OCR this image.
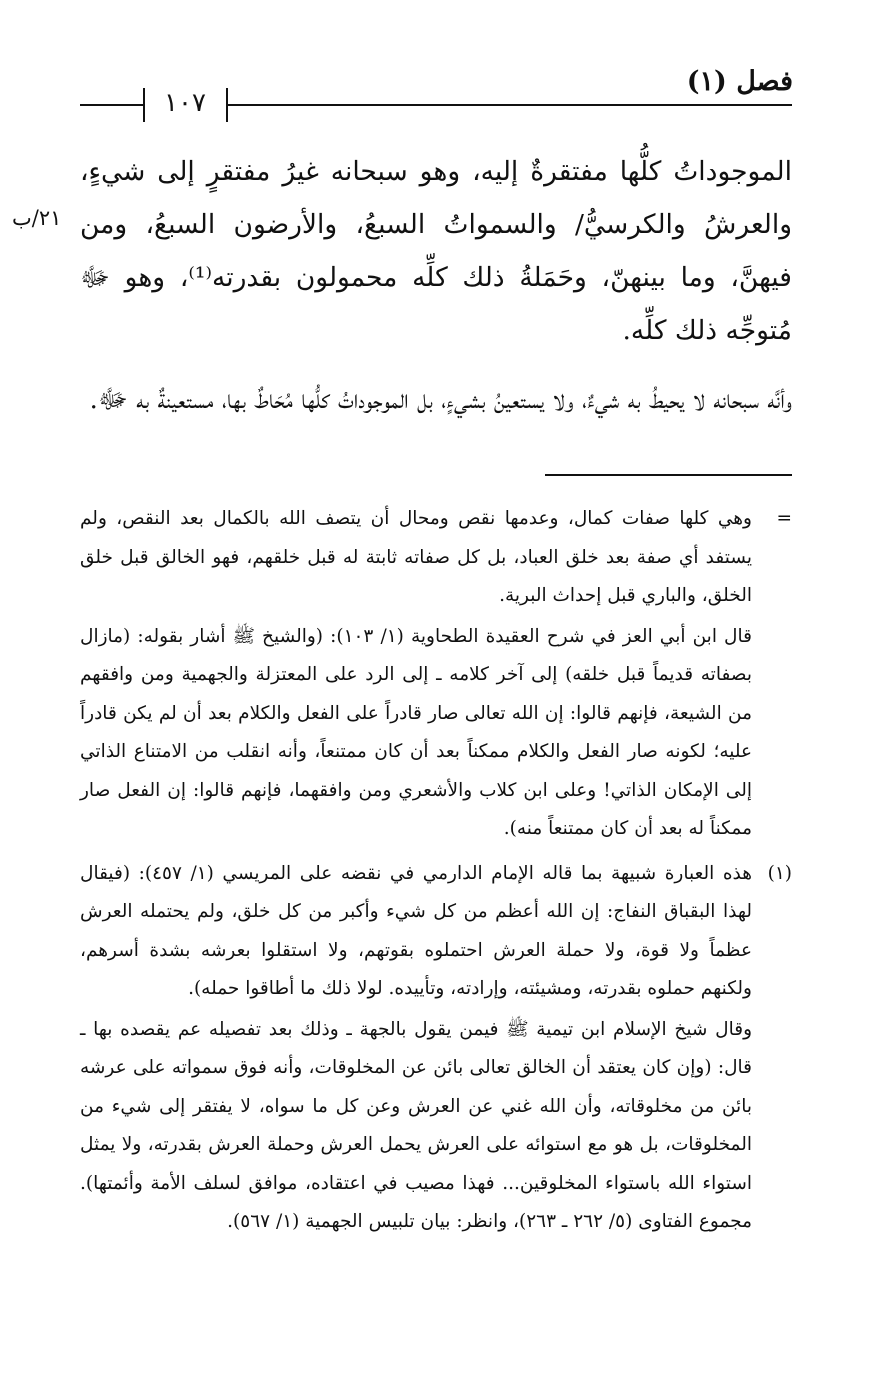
فصل (١)
١٠٧
٢١/ب

الموجوداتُ كلُّها مفتقرةٌ إليه، وهو سبحانه غيرُ مفتقرٍ إلى شيءٍ، والعرشُ والكرسيُّ/ والسمواتُ السبعُ، والأرضون السبعُ، ومن فيهنَّ، وما بينهنّ، وحَمَلةُ ذلك كلِّه محمولون بقدرته⁽¹⁾، وهو ﷻ مُتوجِّه ذلك كلِّه.

وأنَّه سبحانه لا يحيطُ به شيءٌ، ولا يستعينُ بشيءٍ، بل الموجوداتُ كلُّها مُحَاطٌ بها، مستعينةٌ به ﷻ.

=

وهي كلها صفات كمال، وعدمها نقص ومحال أن يتصف الله بالكمال بعد النقص، ولم يستفد أي صفة بعد خلق العباد، بل كل صفاته ثابتة له قبل خلقهم، فهو الخالق قبل خلق الخلق، والباري قبل إحداث البرية.

قال ابن أبي العز في شرح العقيدة الطحاوية (١/ ١٠٣): (والشيخ ﷺ أشار بقوله: (مازال بصفاته قديماً قبل خلقه) إلى آخر كلامه ـ إلى الرد على المعتزلة والجهمية ومن وافقهم من الشيعة، فإنهم قالوا: إن الله تعالى صار قادراً على الفعل والكلام بعد أن لم يكن قادراً عليه؛ لكونه صار الفعل والكلام ممكناً بعد أن كان ممتنعاً، وأنه انقلب من الامتناع الذاتي إلى الإمكان الذاتي! وعلى ابن كلاب والأشعري ومن وافقهما، فإنهم قالوا: إن الفعل صار ممكناً له بعد أن كان ممتنعاً منه).

(١)

هذه العبارة شبيهة بما قاله الإمام الدارمي في نقضه على المريسي (١/ ٤٥٧): (فيقال لهذا البقباق النفاج: إن الله أعظم من كل شيء وأكبر من كل خلق، ولم يحتمله العرش عظماً ولا قوة، ولا حملة العرش احتملوه بقوتهم، ولا استقلوا بعرشه بشدة أسرهم، ولكنهم حملوه بقدرته، ومشيئته، وإرادته، وتأييده. لولا ذلك ما أطاقوا حمله).

وقال شيخ الإسلام ابن تيمية ﷺ فيمن يقول بالجهة ـ وذلك بعد تفصيله عم يقصده بها ـ قال: (وإن كان يعتقد أن الخالق تعالى بائن عن المخلوقات، وأنه فوق سمواته على عرشه بائن من مخلوقاته، وأن الله غني عن العرش وعن كل ما سواه، لا يفتقر إلى شيء من المخلوقات، بل هو مع استوائه على العرش يحمل العرش وحملة العرش بقدرته، ولا يمثل استواء الله باستواء المخلوقين... فهذا مصيب في اعتقاده، موافق لسلف الأمة وأئمتها). مجموع الفتاوى (٥/ ٢٦٢ ـ ٢٦٣)، وانظر: بيان تلبيس الجهمية (١/ ٥٦٧).
